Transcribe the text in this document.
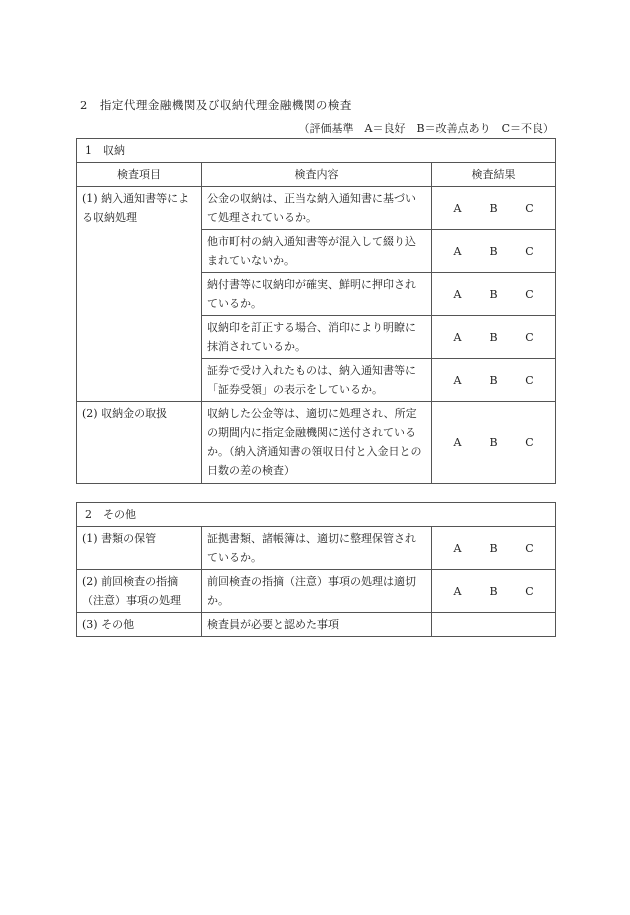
2　指定代理金融機関及び収納代理金融機関の検査
（評価基準　A＝良好　B＝改善点あり　C＝不良）
1　収納		
検査項目	検査内容	検査結果
(1) 納入通知書等による収納処理	公金の収納は、正当な納入通知書に基づいて処理されているか。	A B C
	他市町村の納入通知書等が混入して綴り込まれていないか。	A B C
	納付書等に収納印が確実、鮮明に押印されているか。	A B C
	収納印を訂正する場合、消印により明瞭に抹消されているか。	A B C
	証券で受け入れたものは、納入通知書等に「証券受領」の表示をしているか。	A B C
(2) 収納金の取扱	収納した公金等は、適切に処理され、所定の期間内に指定金融機関に送付されているか。（納入済通知書の領収日付と入金日との日数の差の検査）	A B C
2　その他		
(1) 書類の保管	証拠書類、諸帳簿は、適切に整理保管されているか。	A B C
(2) 前回検査の指摘（注意）事項の処理	前回検査の指摘（注意）事項の処理は適切か。	A B C
(3) その他	検査員が必要と認めた事項	
